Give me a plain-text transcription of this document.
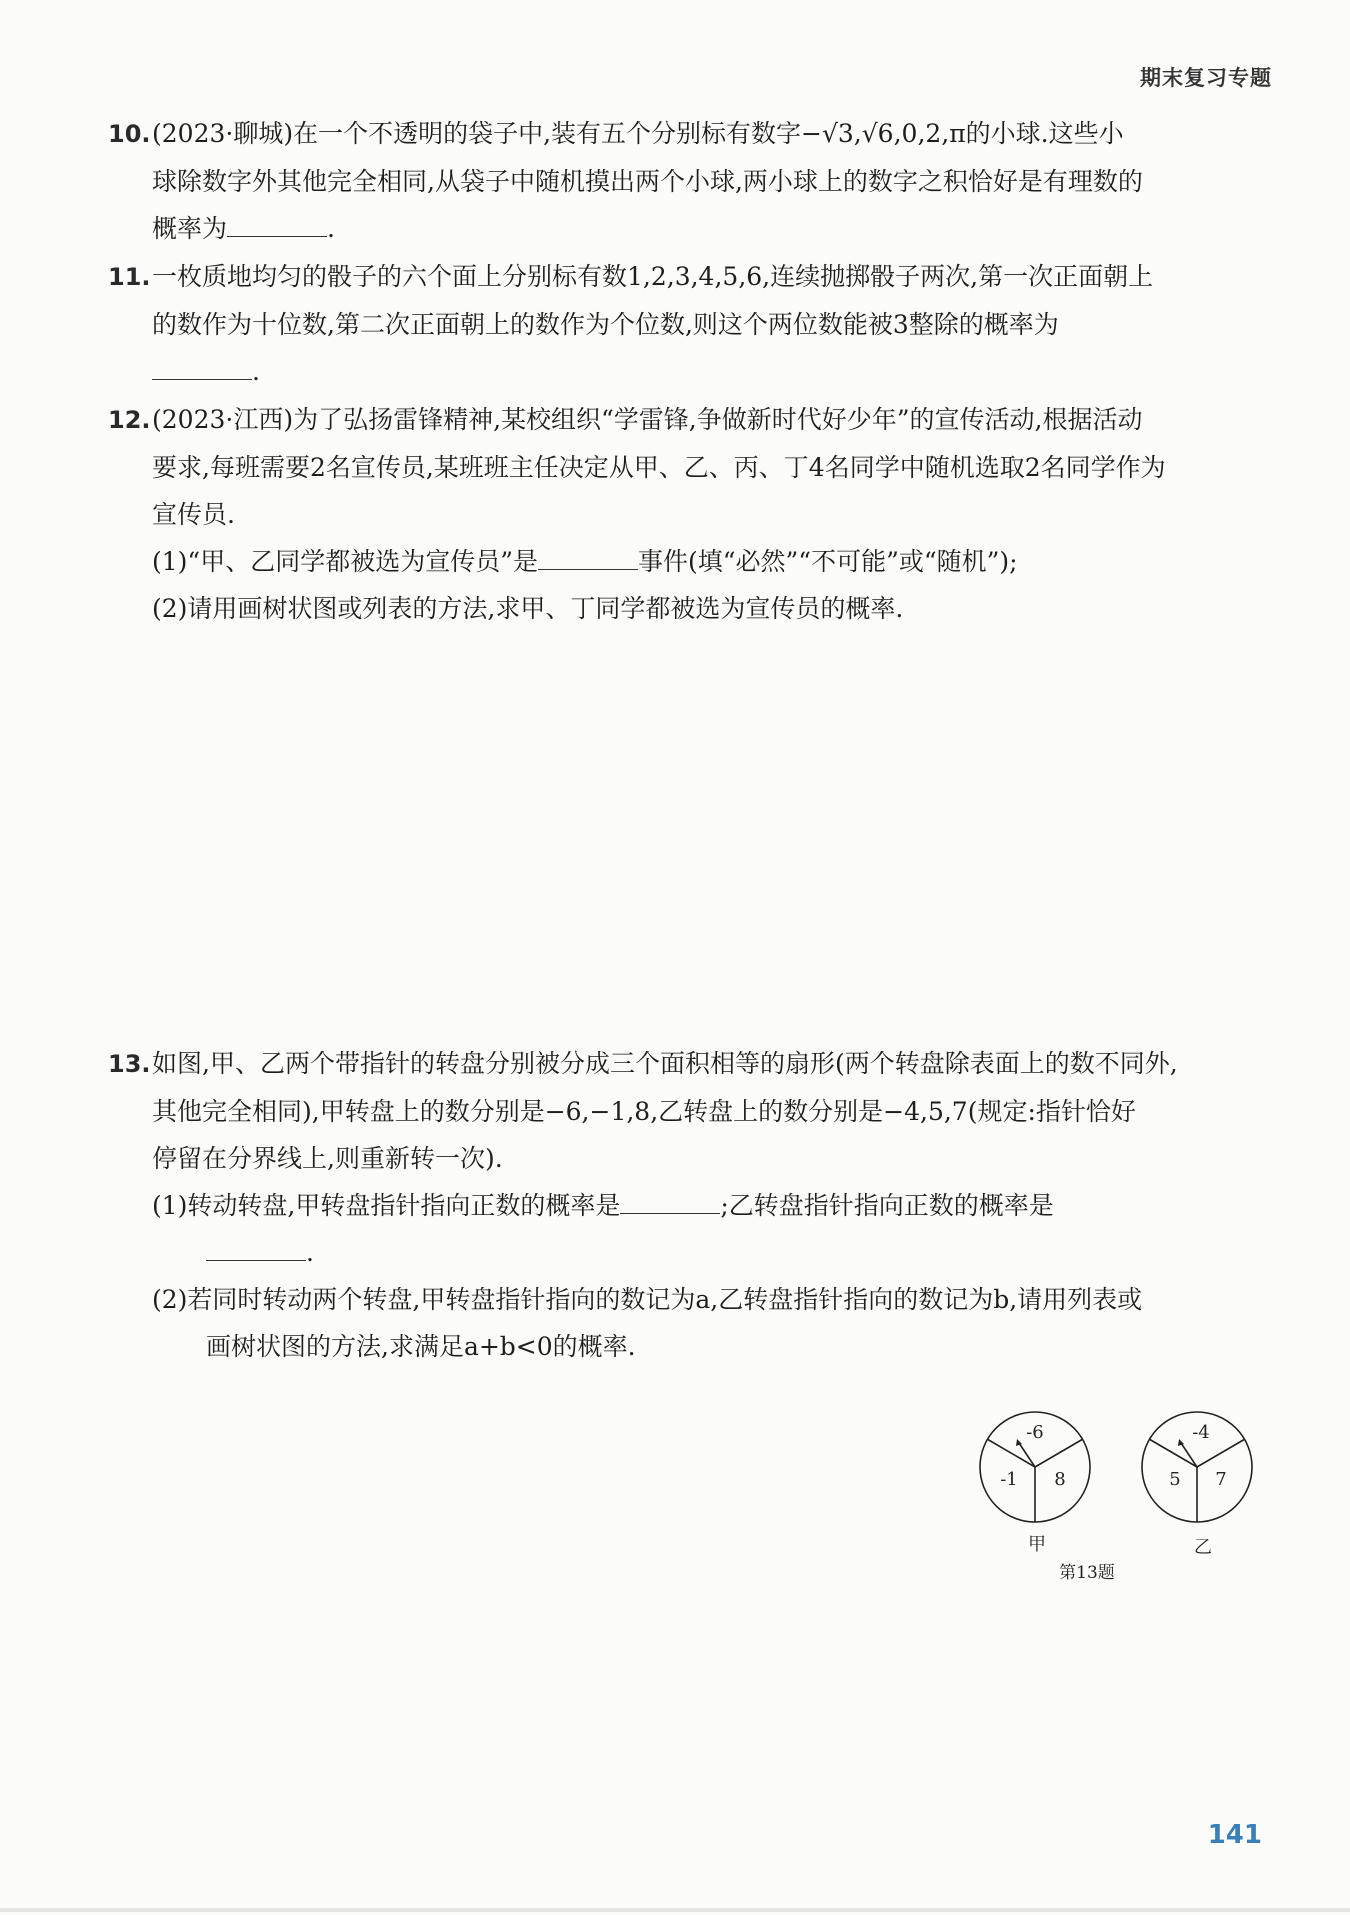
期末复习专题
10.(2023·聊城)在一个不透明的袋子中,装有五个分别标有数字−√3,√6,0,2,π的小球.这些小
球除数字外其他完全相同,从袋子中随机摸出两个小球,两小球上的数字之积恰好是有理数的
概率为	.
11.一枚质地均匀的骰子的六个面上分别标有数1,2,3,4,5,6,连续抛掷骰子两次,第一次正面朝上
的数作为十位数,第二次正面朝上的数作为个位数,则这个两位数能被3整除的概率为
.
12.(2023·江西)为了弘扬雷锋精神,某校组织“学雷锋,争做新时代好少年”的宣传活动,根据活动
要求,每班需要2名宣传员,某班班主任决定从甲、乙、丙、丁4名同学中随机选取2名同学作为
宣传员.
(1)“甲、乙同学都被选为宣传员”是	事件(填“必然”“不可能”或“随机”);
(2)请用画树状图或列表的方法,求甲、丁同学都被选为宣传员的概率.
13.如图,甲、乙两个带指针的转盘分别被分成三个面积相等的扇形(两个转盘除表面上的数不同外,
其他完全相同),甲转盘上的数分别是−6,−1,8,乙转盘上的数分别是−4,5,7(规定:指针恰好
停留在分界线上,则重新转一次).
(1)转动转盘,甲转盘指针指向正数的概率是	;乙转盘指针指向正数的概率是
.
(2)若同时转动两个转盘,甲转盘指针指向的数记为a,乙转盘指针指向的数记为b,请用列表或
画树状图的方法,求满足a+b<0的概率.
-6
-1 8
甲
-4
5 7
乙
第13题
141
